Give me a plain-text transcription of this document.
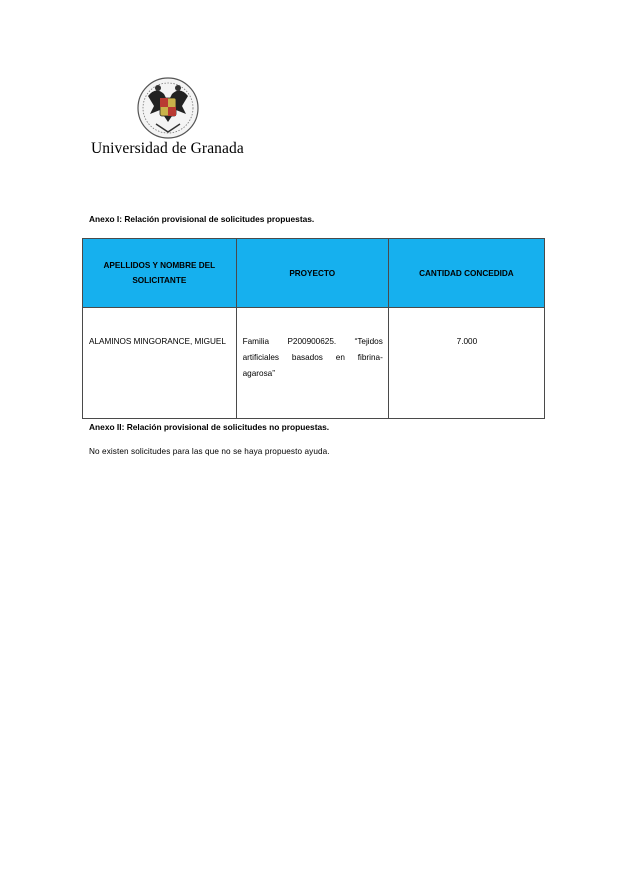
Universidad de Granada
Anexo I: Relación provisional de solicitudes propuestas.
APELLIDOS Y NOMBRE DEL SOLICITANTE	PROYECTO	CANTIDAD CONCEDIDA
ALAMINOS MINGORANCE, MIGUEL	Familia P200900625. “Tejidos artificiales basados en fibrina-agarosa”	7.000
Anexo II: Relación provisional de solicitudes no propuestas.
No existen solicitudes para las que no se haya propuesto ayuda.
